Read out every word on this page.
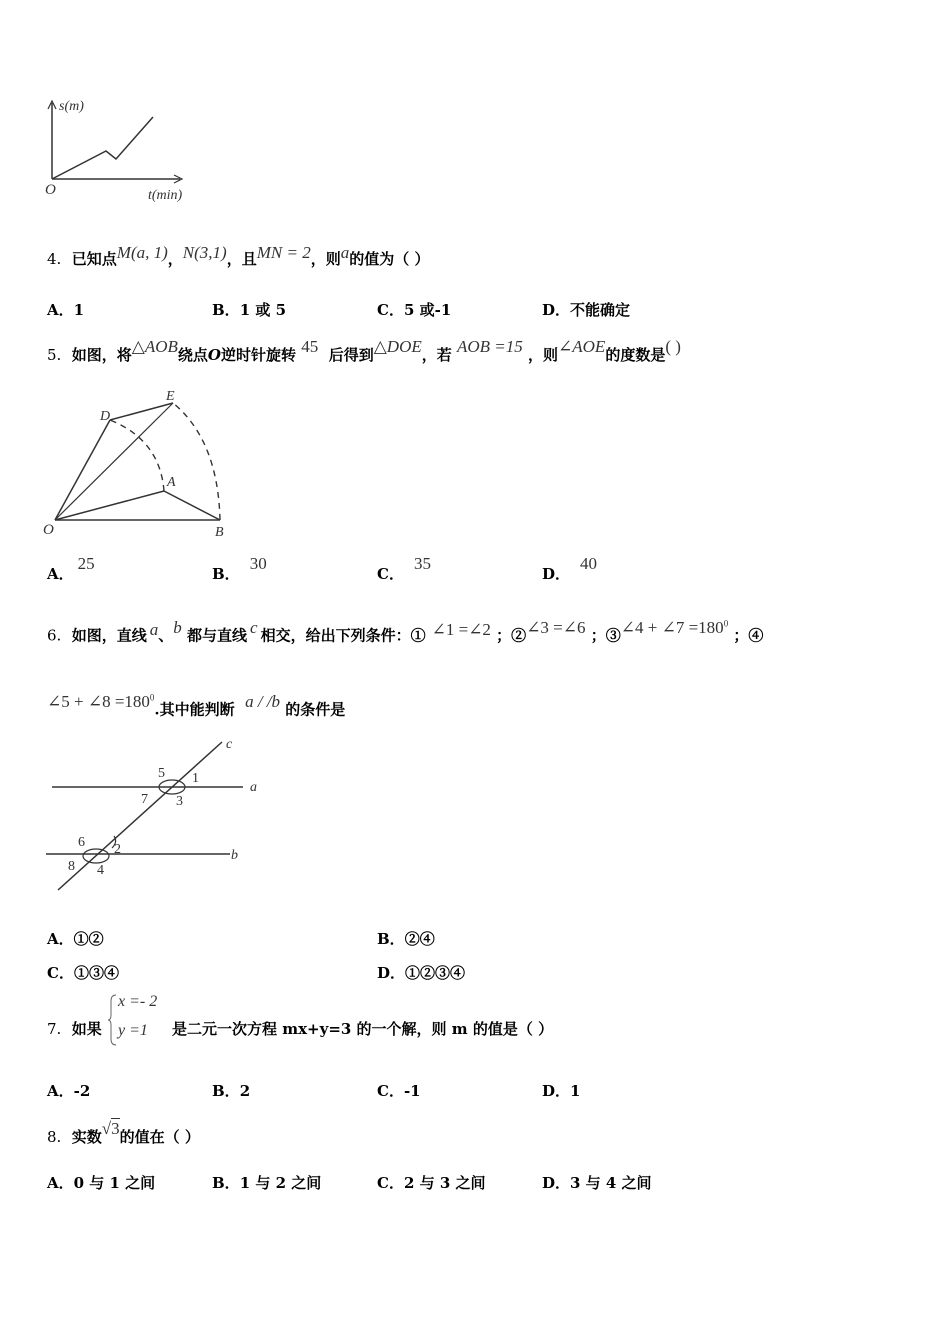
s(m)
t(min)
O
4. 已知点M(a, 1)，N(3,1)，且MN = 2，则a的值为（ ）
A．1	B．1 或 5	C．5 或-1	D．不能确定
5. 如图，将△AOB绕点O逆时针旋转 45 后得到△DOE，若 AOB =15 ，则∠AOE的度数是( )
D
E
A
O	B
A．25
B．30
C．35
D．40
6. 如图，直线 a、b 都与直线 c 相交，给出下列条件：① ∠1 =∠2 ；②∠3 =∠6 ；③∠4 + ∠7 $=180^0$ ；④
∠5 + ∠8 $=180^0$.其中能判断 a / /b 的条件是
c
a
b
1
5
7 3
6 2
8 4
A．①②	B．②④
C．①③④	D．①②③④
7. 如果
x =- 2
y =1 是二元一次方程 mx+y=3 的一个解，则 m 的值是（ ）
A．-2	B．2	C．-1	D．1
8. 实数√3的值在（ ）
A．0 与 1 之间	B．1 与 2 之间	C．2 与 3 之间	D．3 与 4 之间
